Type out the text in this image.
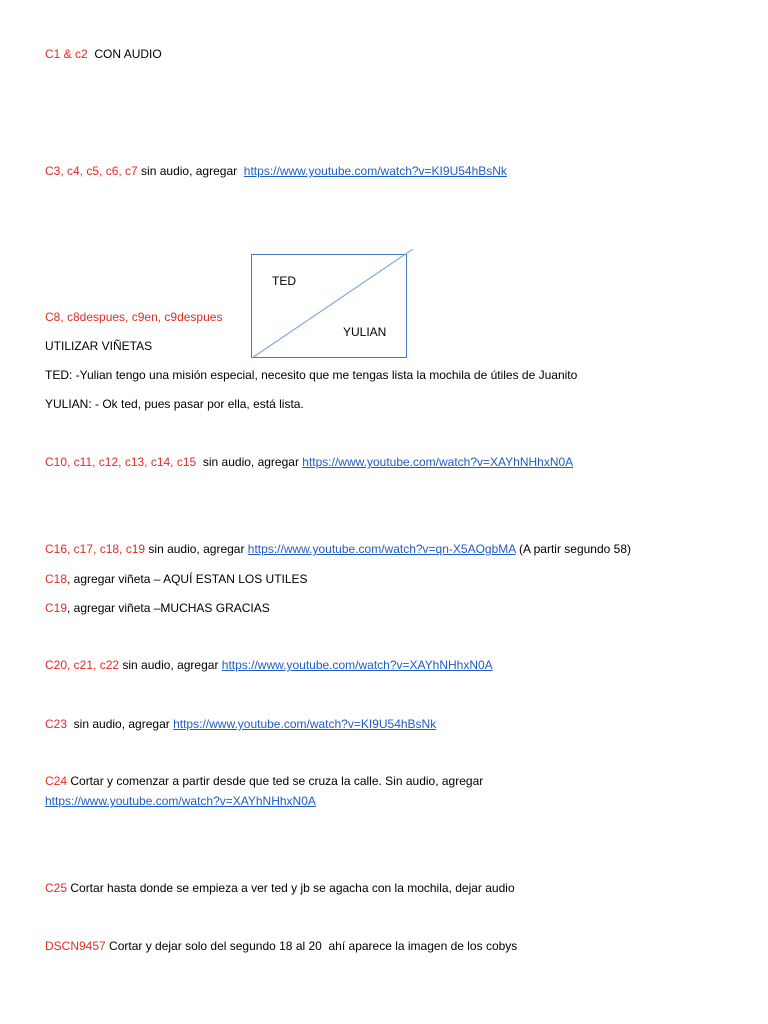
C1 & c2  CON AUDIO
C3, c4, c5, c6, c7 sin audio, agregar  https://www.youtube.com/watch?v=KI9U54hBsNk
TED
YULIAN
C8, c8despues, c9en, c9despues
UTILIZAR VIÑETAS
TED: -Yulian tengo una misión especial, necesito que me tengas lista la mochila de útiles de Juanito
YULIAN: - Ok ted, pues pasar por ella, está lista.
C10, c11, c12, c13, c14, c15  sin audio, agregar https://www.youtube.com/watch?v=XAYhNHhxN0A
C16, c17, c18, c19 sin audio, agregar https://www.youtube.com/watch?v=qn-X5AOgbMA (A partir segundo 58)
C18, agregar viñeta – AQUÍ ESTAN LOS UTILES
C19, agregar viñeta –MUCHAS GRACIAS
C20, c21, c22 sin audio, agregar https://www.youtube.com/watch?v=XAYhNHhxN0A
C23  sin audio, agregar https://www.youtube.com/watch?v=KI9U54hBsNk
C24 Cortar y comenzar a partir desde que ted se cruza la calle. Sin audio, agregar
https://www.youtube.com/watch?v=XAYhNHhxN0A
C25 Cortar hasta donde se empieza a ver ted y jb se agacha con la mochila, dejar audio
DSCN9457 Cortar y dejar solo del segundo 18 al 20  ahí aparece la imagen de los cobys
